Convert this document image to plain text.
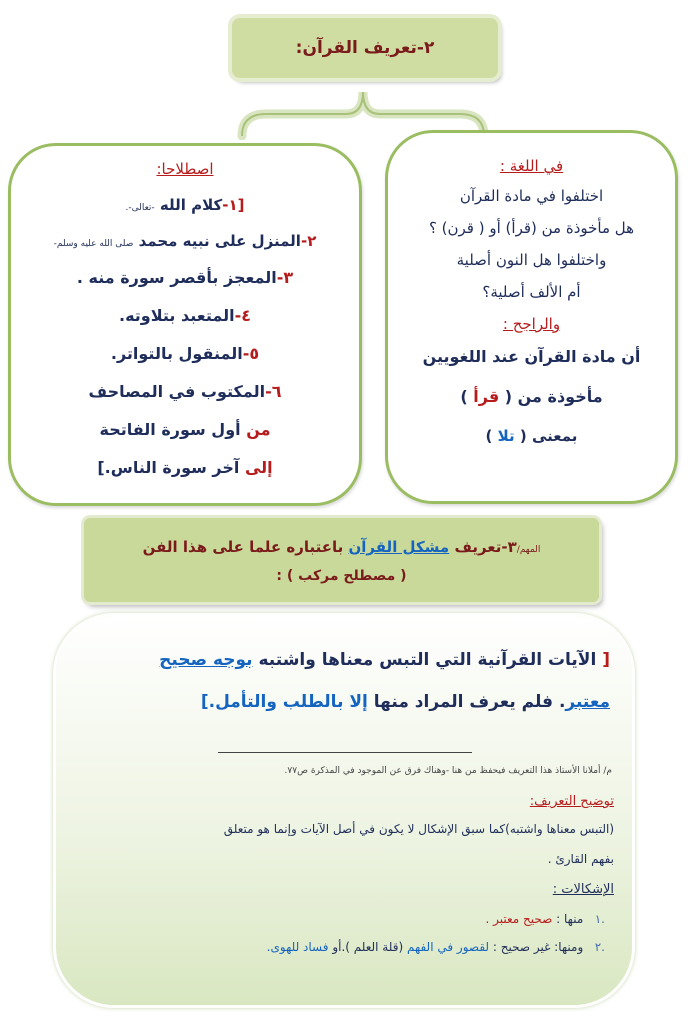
٢-تعريف القرآن:
في اللغة :
اختلفوا في مادة القرآن
هل مأخوذة من (قرأ) أو ( قرن) ؟
واختلفوا هل النون أصلية
أم الألف أصلية؟
والراجح :
أن مادة القرآن عند اللغويين
مأخوذة من ( قرأ )
بمعنى ( تلا )
اصطلاحا:
[١-كلام الله -تعالى-.
٢-المنزل على نبيه محمد صلى الله عليه وسلم-
٣-المعجز بأقصر سورة منه .
٤-المتعبد بتلاوته.
٥-المنقول بالتواتر.
٦-المكتوب في المصاحف
من أول سورة الفاتحة
إلى آخر سورة الناس.]
المهم/٣-تعريف مشكل القرآن باعتباره علما على هذا الفن
( مصطلح مركب ) :
[ الآيات القرآنية التي التبس معناها واشتبه بوجه صحيح
معتبر. فلم يعرف المراد منها إلا بالطلب والتأمل.]
م/ أملانا الأستاذ هذا التعريف فيحفظ من هنا -وهناك فرق عن الموجود في المذكرة ص٧٧.
توضيح التعريف:
(التبس معناها واشتبه)كما سبق الإشكال لا يكون في أصل الآيات وإنما هو متعلق
بفهم القارئ .
الإشكالات :
.١   منها : صحيح معتبر .
.٢   ومنها: غير صحيح : لقصور في الفهم (قلة العلم ).أو فساد للهوى.
